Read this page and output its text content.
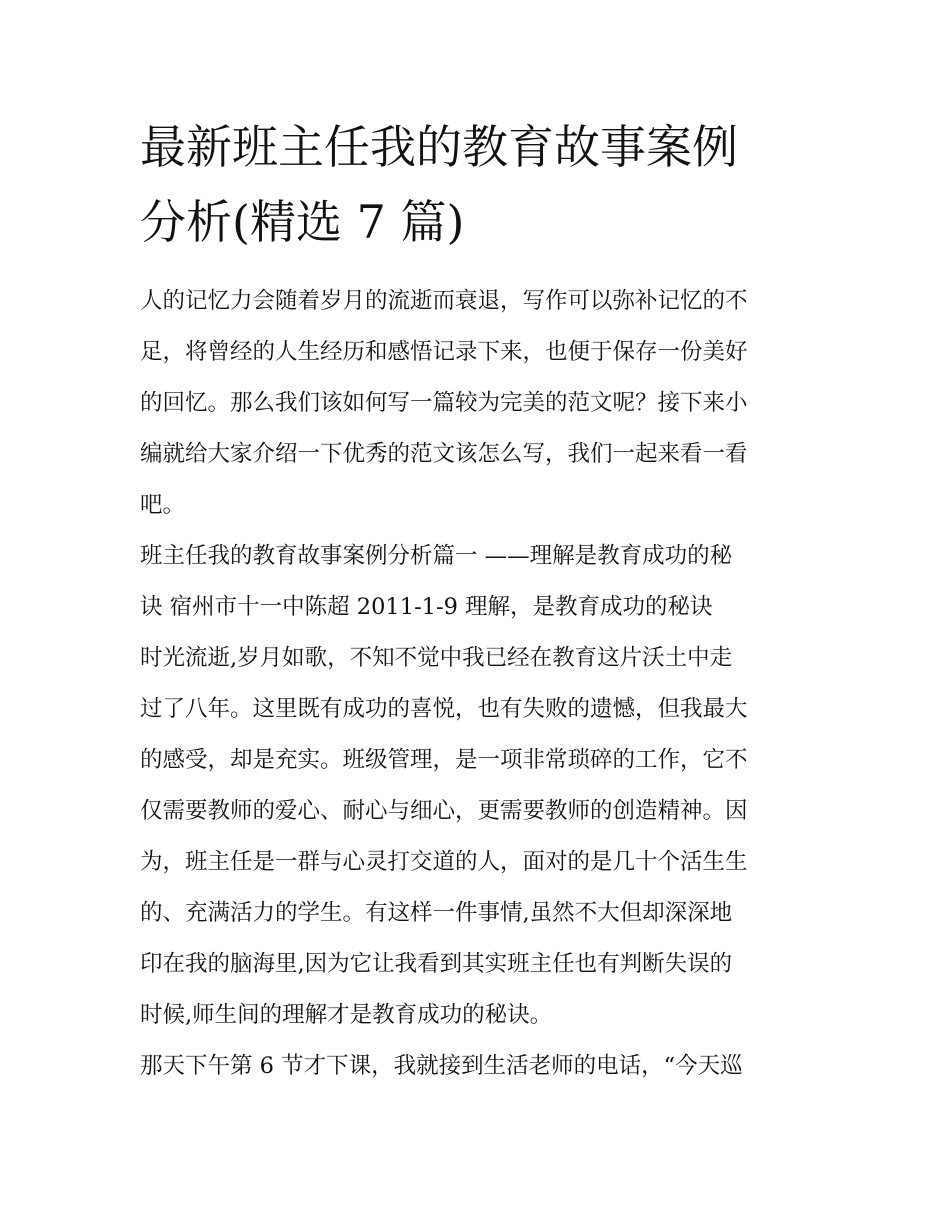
最新班主任我的教育故事案例
分析(精选 7 篇)
人的记忆力会随着岁月的流逝而衰退，写作可以弥补记忆的不
足，将曾经的人生经历和感悟记录下来，也便于保存一份美好
的回忆。那么我们该如何写一篇较为完美的范文呢？接下来小
编就给大家介绍一下优秀的范文该怎么写，我们一起来看一看
吧。
班主任我的教育故事案例分析篇一 ——理解是教育成功的秘
诀 宿州市十一中陈超 2011-1-9 理解，是教育成功的秘诀
时光流逝,岁月如歌，不知不觉中我已经在教育这片沃土中走
过了八年。这里既有成功的喜悦，也有失败的遗憾，但我最大
的感受，却是充实。班级管理，是一项非常琐碎的工作，它不
仅需要教师的爱心、耐心与细心，更需要教师的创造精神。因
为，班主任是一群与心灵打交道的人，面对的是几十个活生生
的、充满活力的学生。有这样一件事情,虽然不大但却深深地
印在我的脑海里,因为它让我看到其实班主任也有判断失误的
时候,师生间的理解才是教育成功的秘诀。
那天下午第 6 节才下课，我就接到生活老师的电话，“今天巡
